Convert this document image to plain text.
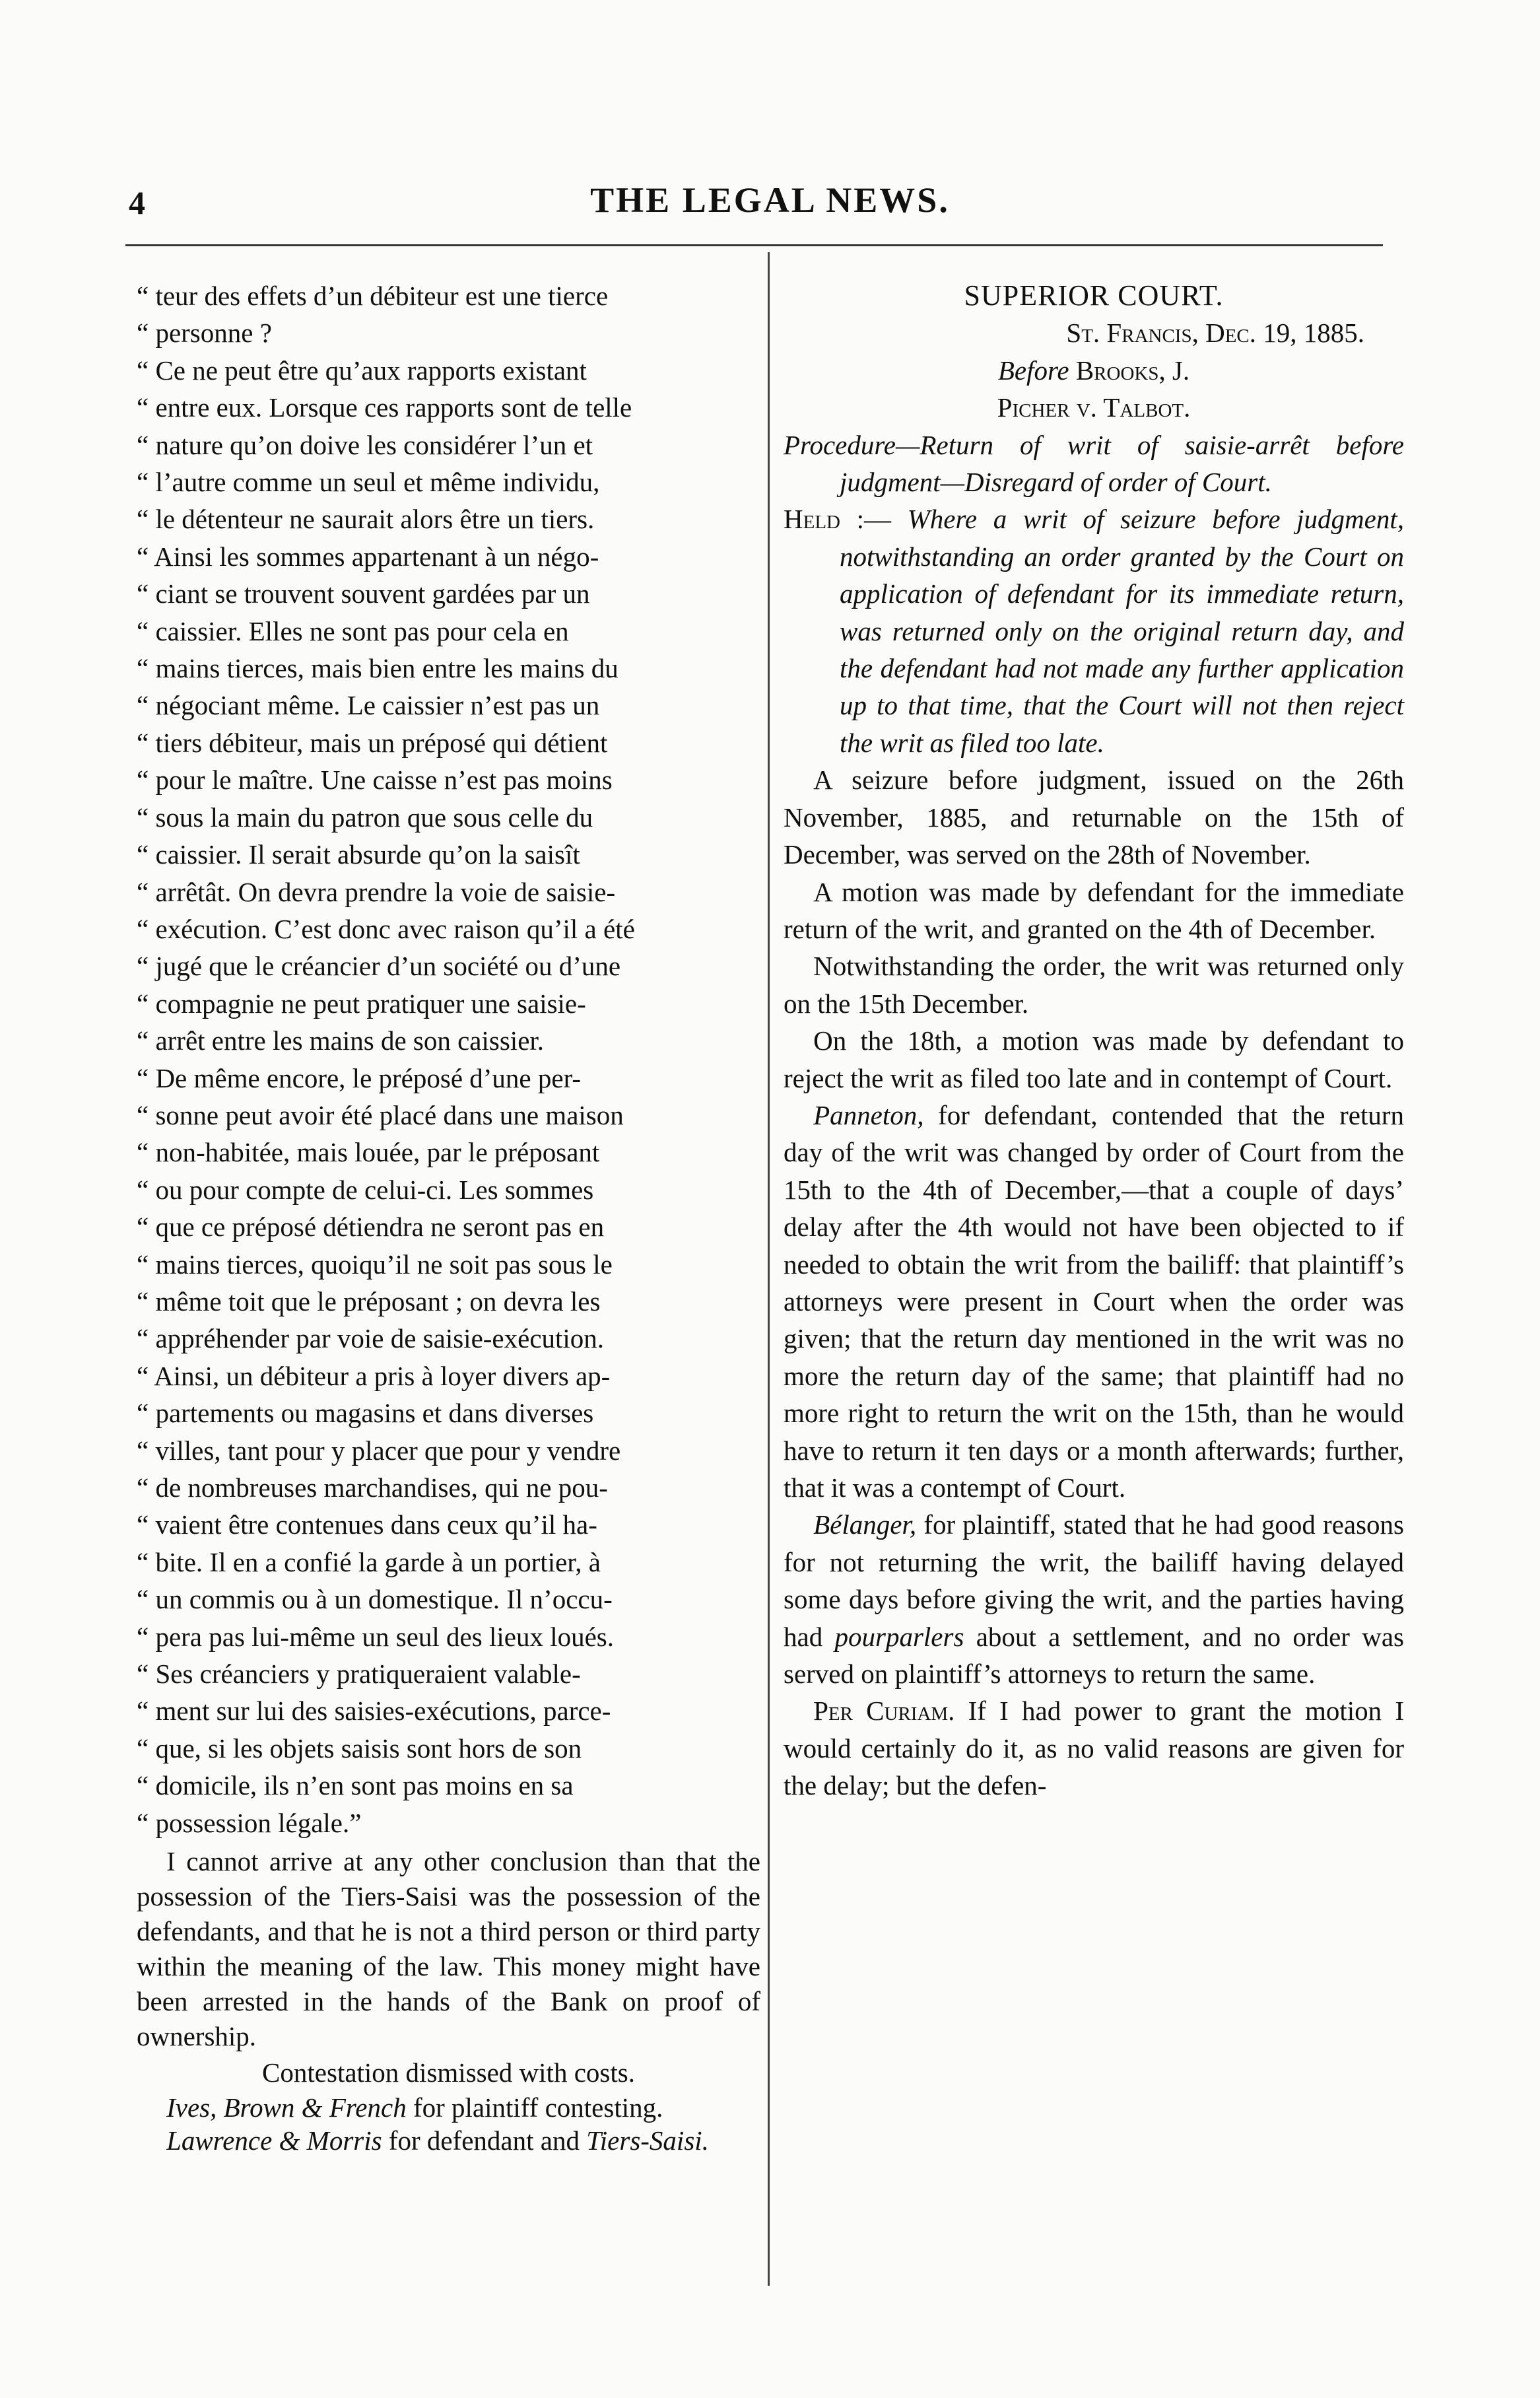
4	THE LEGAL NEWS.

“ teur des effets d’un débiteur est une tierce

“ personne ?

“ Ce ne peut être qu’aux rapports existant

“ entre eux. Lorsque ces rapports sont de telle

“ nature qu’on doive les considérer l’un et

“ l’autre comme un seul et même individu,

“ le détenteur ne saurait alors être un tiers.

“ Ainsi les sommes appartenant à un négo-

“ ciant se trouvent souvent gardées par un

“ caissier. Elles ne sont pas pour cela en

“ mains tierces, mais bien entre les mains du

“ négociant même. Le caissier n’est pas un

“ tiers débiteur, mais un préposé qui détient

“ pour le maître. Une caisse n’est pas moins

“ sous la main du patron que sous celle du

“ caissier. Il serait absurde qu’on la saisît

“ arrêtât. On devra prendre la voie de saisie-

“ exécution. C’est donc avec raison qu’il a été

“ jugé que le créancier d’un société ou d’une

“ compagnie ne peut pratiquer une saisie-

“ arrêt entre les mains de son caissier.

“ De même encore, le préposé d’une per-

“ sonne peut avoir été placé dans une maison

“ non-habitée, mais louée, par le préposant

“ ou pour compte de celui-ci. Les sommes

“ que ce préposé détiendra ne seront pas en

“ mains tierces, quoiqu’il ne soit pas sous le

“ même toit que le préposant ; on devra les

“ appréhender par voie de saisie-exécution.

“ Ainsi, un débiteur a pris à loyer divers ap-

“ partements ou magasins et dans diverses

“ villes, tant pour y placer que pour y vendre

“ de nombreuses marchandises, qui ne pou-

“ vaient être contenues dans ceux qu’il ha-

“ bite. Il en a confié la garde à un portier, à

“ un commis ou à un domestique. Il n’occu-

“ pera pas lui-même un seul des lieux loués.

“ Ses créanciers y pratiqueraient valable-

“ ment sur lui des saisies-exécutions, parce-

“ que, si les objets saisis sont hors de son

“ domicile, ils n’en sont pas moins en sa

“ possession légale.”

I cannot arrive at any other conclusion than that the possession of the Tiers-Saisi was the possession of the defendants, and that he is not a third person or third party within the meaning of the law. This money might have been arrested in the hands of the Bank on proof of ownership.

Contestation dismissed with costs.

Ives, Brown & French for plaintiff contesting.

Lawrence & Morris for defendant and Tiers-Saisi.

SUPERIOR COURT.

St. Francis, Dec. 19, 1885.

Before Brooks, J.

Picher v. Talbot.

Procedure—Return of writ of saisie-arrêt before judgment—Disregard of order of Court.

Held :— Where a writ of seizure before judgment, notwithstanding an order granted by the Court on application of defendant for its immediate return, was returned only on the original return day, and the defendant had not made any further application up to that time, that the Court will not then reject the writ as filed too late.

A seizure before judgment, issued on the 26th November, 1885, and returnable on the 15th of December, was served on the 28th of November.

A motion was made by defendant for the immediate return of the writ, and granted on the 4th of December.

Notwithstanding the order, the writ was returned only on the 15th December.

On the 18th, a motion was made by defendant to reject the writ as filed too late and in contempt of Court.

Panneton, for defendant, contended that the return day of the writ was changed by order of Court from the 15th to the 4th of December,—that a couple of days’ delay after the 4th would not have been objected to if needed to obtain the writ from the bailiff: that plaintiff’s attorneys were present in Court when the order was given; that the return day mentioned in the writ was no more the return day of the same; that plaintiff had no more right to return the writ on the 15th, than he would have to return it ten days or a month afterwards; further, that it was a contempt of Court.

Bélanger, for plaintiff, stated that he had good reasons for not returning the writ, the bailiff having delayed some days before giving the writ, and the parties having had pourparlers about a settlement, and no order was served on plaintiff’s attorneys to return the same.

Per Curiam. If I had power to grant the motion I would certainly do it, as no valid reasons are given for the delay; but the defen-
